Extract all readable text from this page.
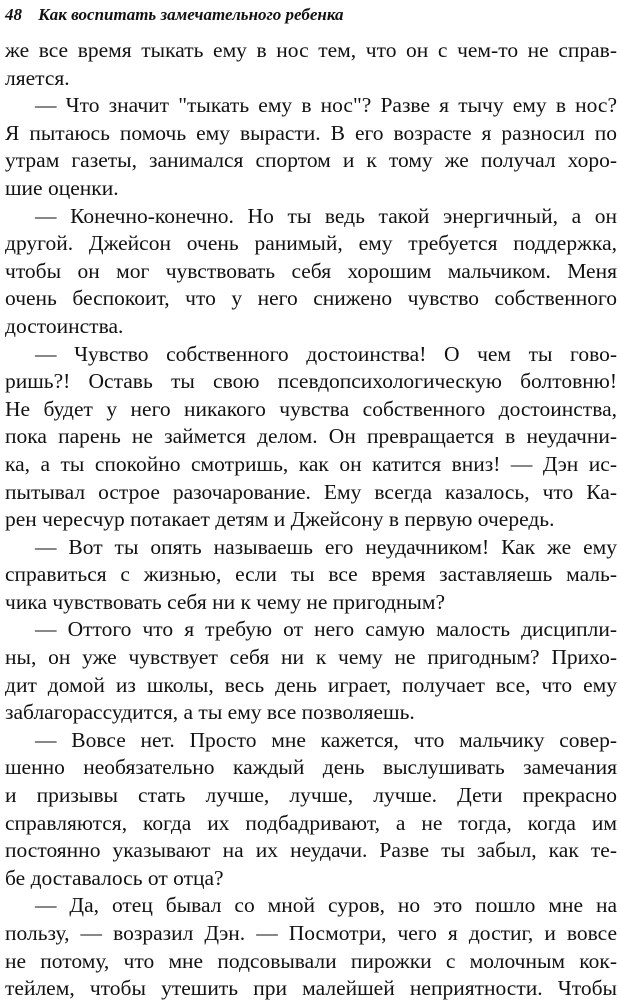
48 Как воспитать замечательного ребенка
же все время тыкать ему в нос тем, что он с чем-то не справ-
ляется.
— Что значит "тыкать ему в нос"? Разве я тычу ему в нос?
Я пытаюсь помочь ему вырасти. В его возрасте я разносил по
утрам газеты, занимался спортом и к тому же получал хоро-
шие оценки.
— Конечно-конечно. Но ты ведь такой энергичный, а он
другой. Джейсон очень ранимый, ему требуется поддержка,
чтобы он мог чувствовать себя хорошим мальчиком. Меня
очень беспокоит, что у него снижено чувство собственного
достоинства.
— Чувство собственного достоинства! О чем ты гово-
ришь?! Оставь ты свою псевдопсихологическую болтовню!
Не будет у него никакого чувства собственного достоинства,
пока парень не займется делом. Он превращается в неудачни-
ка, а ты спокойно смотришь, как он катится вниз! — Дэн ис-
пытывал острое разочарование. Ему всегда казалось, что Ка-
рен чересчур потакает детям и Джейсону в первую очередь.
— Вот ты опять называешь его неудачником! Как же ему
справиться с жизнью, если ты все время заставляешь маль-
чика чувствовать себя ни к чему не пригодным?
— Оттого что я требую от него самую малость дисципли-
ны, он уже чувствует себя ни к чему не пригодным? Прихо-
дит домой из школы, весь день играет, получает все, что ему
заблагорассудится, а ты ему все позволяешь.
— Вовсе нет. Просто мне кажется, что мальчику совер-
шенно необязательно каждый день выслушивать замечания
и призывы стать лучше, лучше, лучше. Дети прекрасно
справляются, когда их подбадривают, а не тогда, когда им
постоянно указывают на их неудачи. Разве ты забыл, как те-
бе доставалось от отца?
— Да, отец бывал со мной суров, но это пошло мне на
пользу, — возразил Дэн. — Посмотри, чего я достиг, и вовсе
не потому, что мне подсовывали пирожки с молочным кок-
тейлем, чтобы утешить при малейшей неприятности. Чтобы
